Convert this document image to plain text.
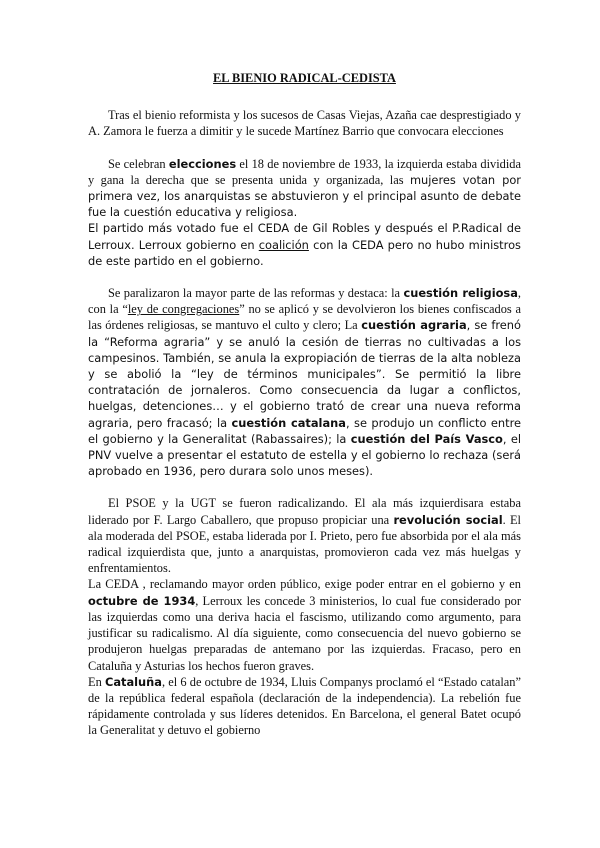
EL BIENIO RADICAL-CEDISTA

Tras el bienio reformista y los sucesos de Casas Viejas, Azaña cae desprestigiado y A. Zamora le fuerza a dimitir y le sucede Martínez Barrio que convocara elecciones

Se celebran elecciones el 18 de noviembre de 1933, la izquierda estaba dividida y gana la derecha que se presenta unida y organizada, las mujeres votan por primera vez, los anarquistas se abstuvieron y el principal asunto de debate fue la cuestión educativa y religiosa.

El partido más votado fue el CEDA de Gil Robles y después el P.Radical de Lerroux. Lerroux gobierno en coalición con la CEDA pero no hubo ministros de este partido en el gobierno.

Se paralizaron la mayor parte de las reformas y destaca: la cuestión religiosa, con la “ley de congregaciones” no se aplicó y se devolvieron los bienes confiscados a las órdenes religiosas, se mantuvo el culto y clero; La cuestión agraria, se frenó la “Reforma agraria” y se anuló la cesión de tierras no cultivadas a los campesinos. También, se anula la expropiación de tierras de la alta nobleza y se abolió la “ley de términos municipales”. Se permitió la libre contratación de jornaleros. Como consecuencia da lugar a conflictos, huelgas, detenciones… y el gobierno trató de crear una nueva reforma agraria, pero fracasó; la cuestión catalana, se produjo un conflicto entre el gobierno y la Generalitat (Rabassaires); la cuestión del País Vasco, el PNV vuelve a presentar el estatuto de estella y el gobierno lo rechaza (será aprobado en 1936, pero durara solo unos meses).

El PSOE y la UGT se fueron radicalizando. El ala más izquierdisara estaba liderado por F. Largo Caballero, que propuso propiciar una revolución social. El ala moderada del PSOE, estaba liderada por I. Prieto, pero fue absorbida por el ala más radical izquierdista que, junto a anarquistas, promovieron cada vez más huelgas y enfrentamientos.

La CEDA , reclamando mayor orden público, exige poder entrar en el gobierno y en octubre de 1934, Lerroux les concede 3 ministerios, lo cual fue considerado por las izquierdas como una deriva hacia el fascismo, utilizando como argumento, para justificar su radicalismo. Al día siguiente, como consecuencia del nuevo gobierno se produjeron huelgas preparadas de antemano por las izquierdas. Fracaso, pero en Cataluña y Asturias los hechos fueron graves.

En Cataluña, el 6 de octubre de 1934, Lluis Companys proclamó el “Estado catalan” de la república federal española (declaración de la independencia). La rebelión fue rápidamente controlada y sus líderes detenidos. En Barcelona, el general Batet ocupó la Generalitat y detuvo el gobierno
